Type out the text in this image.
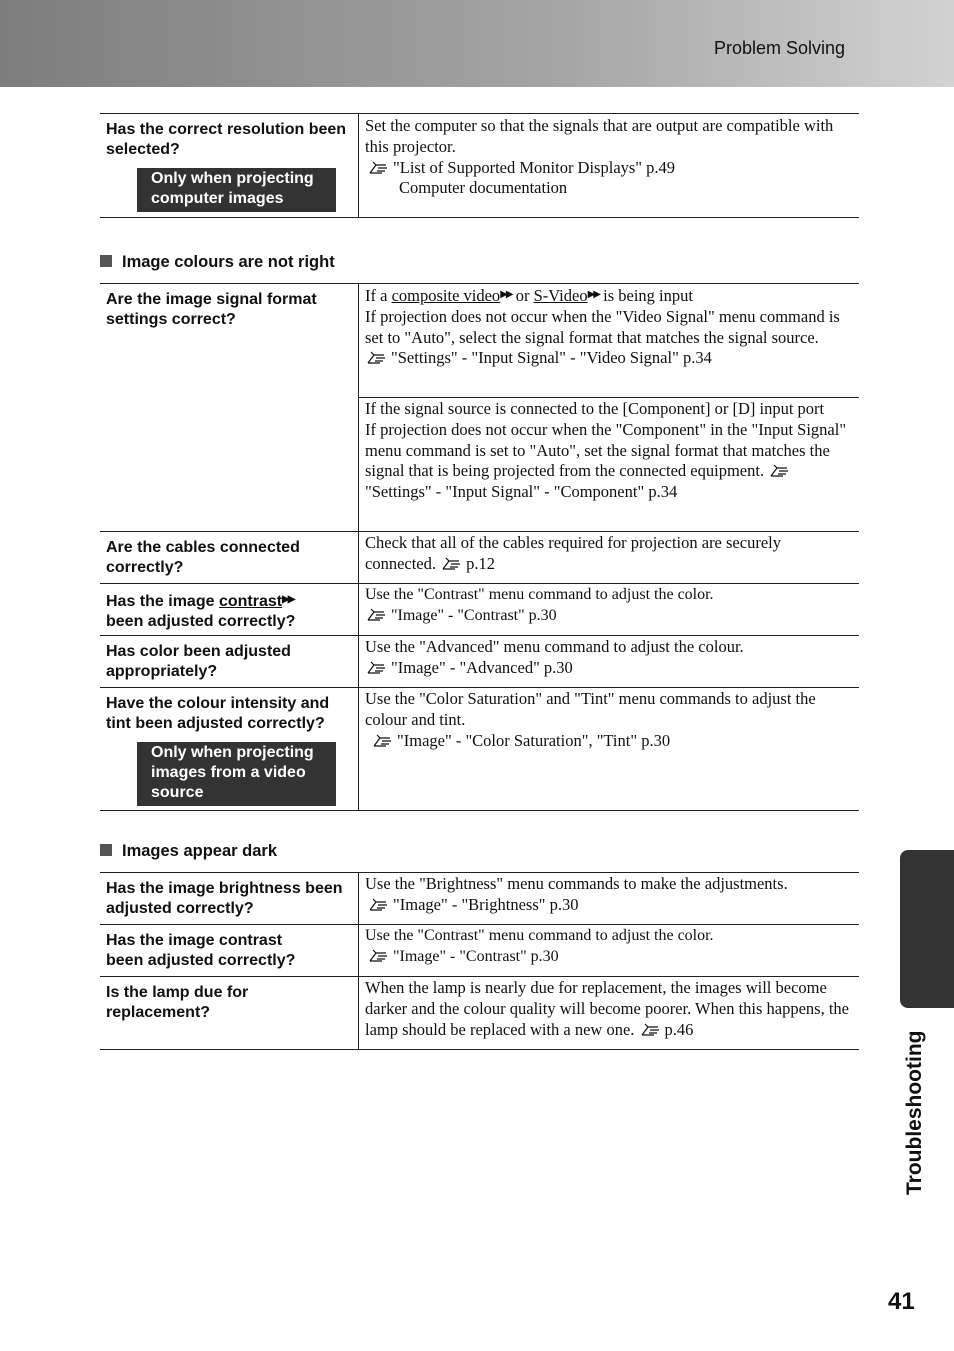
Problem Solving
Has the correct resolution been selected?
Only when projecting computer images
Set the computer so that the signals that are output are compatible with this projector.

"List of Supported Monitor Displays" p.49
Computer documentation
Image colours are not right
Are the image signal format settings correct?
If a composite video▶▶ or S-Video▶▶ is being input
If projection does not occur when the "Video Signal" menu command is set to "Auto", select the signal format that matches the signal source.

"Settings" - "Input Signal" - "Video Signal" p.34
If the signal source is connected to the [Component] or [D] input port
If projection does not occur when the "Component" in the "Input Signal" menu command is set to "Auto", set the signal format that matches the signal that is being projected from the connected equipment.
"Settings" - "Input Signal" - "Component" p.34
Are the cables connected correctly?
Check that all of the cables required for projection are securely connected. p.12
Has the image contrast▶▶
been adjusted correctly?
Use the "Contrast" menu command to adjust the color.

"Image" - "Contrast" p.30
Has color been adjusted appropriately?
Use the "Advanced" menu command to adjust the colour.

"Image" - "Advanced" p.30
Have the colour intensity and tint been adjusted correctly?
Only when projecting images from a video source
Use the "Color Saturation" and "Tint" menu commands to adjust the colour and tint.

"Image" - "Color Saturation", "Tint" p.30
Images appear dark
Has the image brightness been adjusted correctly?
Use the "Brightness" menu commands to make the adjustments.

"Image" - "Brightness" p.30
Has the image contrast
been adjusted correctly?
Use the "Contrast" menu command to adjust the color.

"Image" - "Contrast" p.30
Is the lamp due for replacement?
When the lamp is nearly due for replacement, the images will become darker and the colour quality will become poorer. When this happens, the lamp should be replaced with a new one. p.46
Troubleshooting
41
